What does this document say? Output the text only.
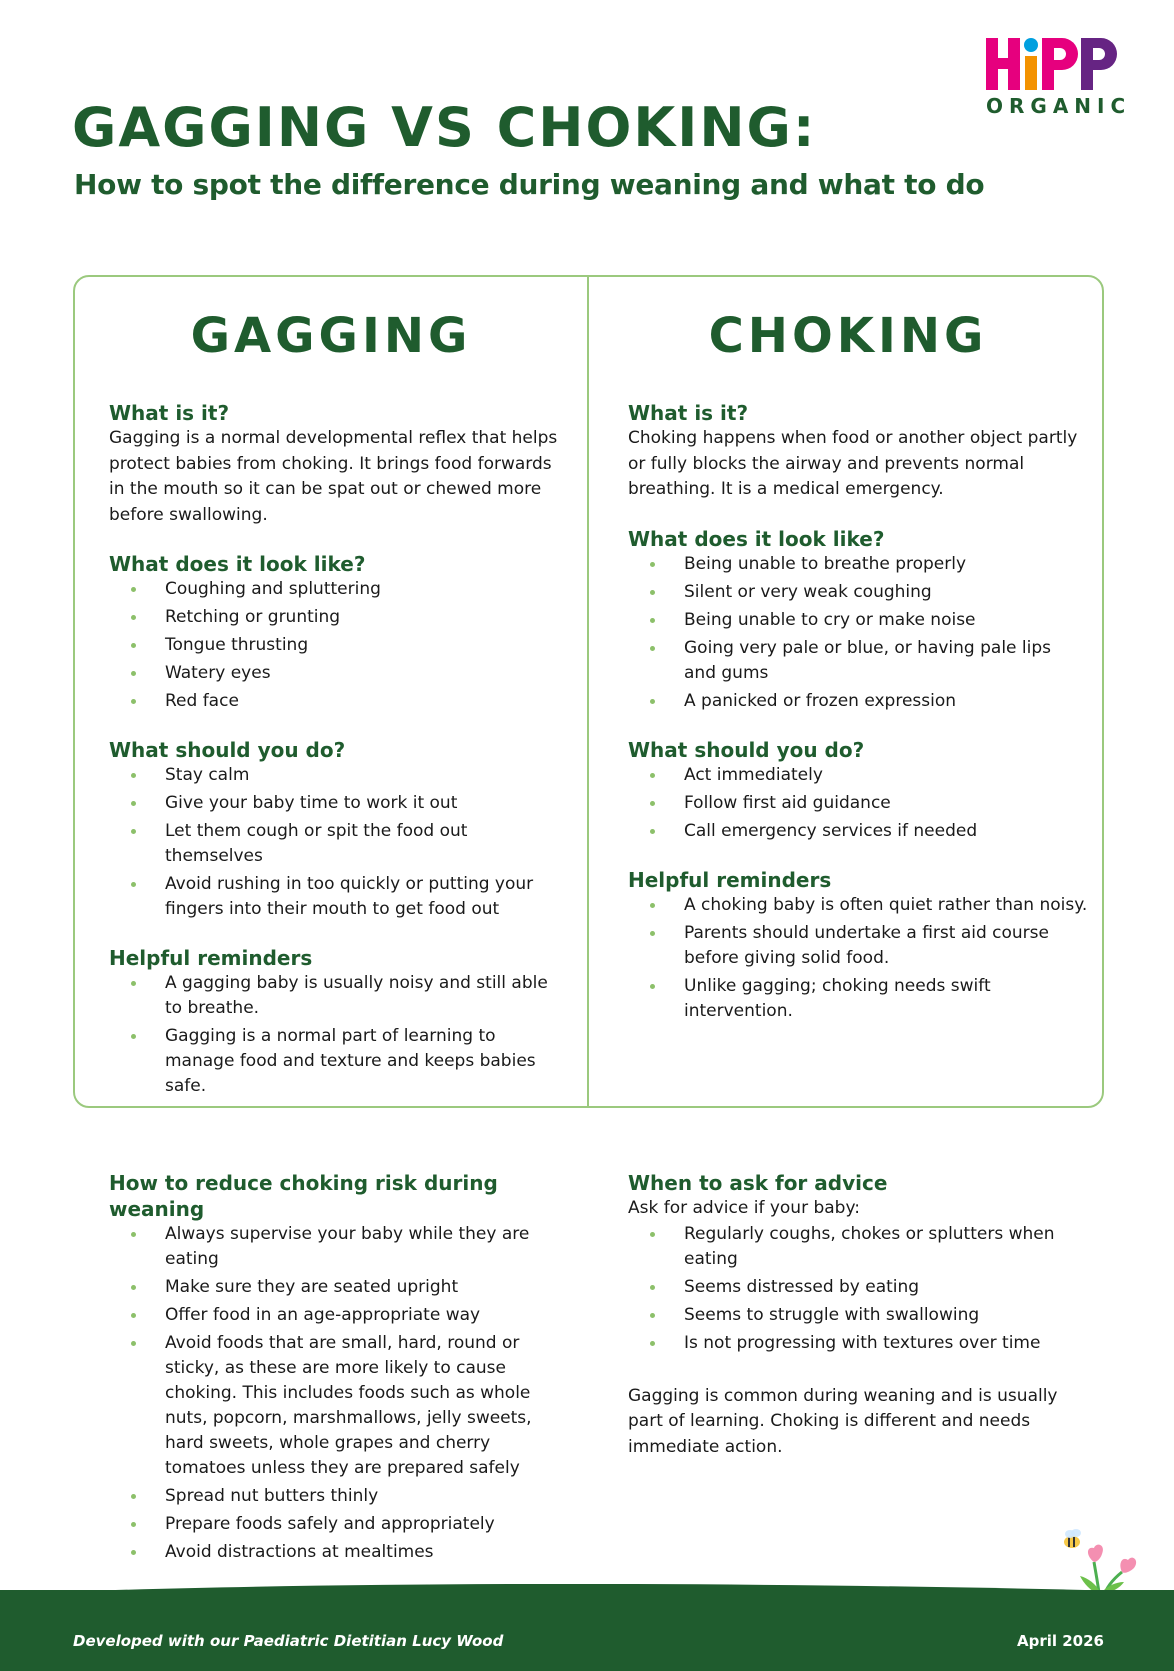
ORGANIC
GAGGING VS CHOKING:
How to spot the difference during weaning and what to do
GAGGING	CHOKING
What is it?
Gagging is a normal developmental reflex that helps protect babies from choking. It brings food forwards in the mouth so it can be spat out or chewed more before swallowing.
What does it look like?
Coughing and spluttering
Retching or grunting
Tongue thrusting
Watery eyes
Red face
What should you do?
Stay calm
Give your baby time to work it out
Let them cough or spit the food out themselves
Avoid rushing in too quickly or putting your fingers into their mouth to get food out
Helpful reminders
A gagging baby is usually noisy and still able to breathe.
Gagging is a normal part of learning to manage food and texture and keeps babies safe.
What is it?
Choking happens when food or another object partly or fully blocks the airway and prevents normal breathing. It is a medical emergency.
What does it look like?
Being unable to breathe properly
Silent or very weak coughing
Being unable to cry or make noise
Going very pale or blue, or having pale lips and gums
A panicked or frozen expression
What should you do?
Act immediately
Follow first aid guidance
Call emergency services if needed
Helpful reminders
A choking baby is often quiet rather than noisy.
Parents should undertake a first aid course before giving solid food.
Unlike gagging; choking needs swift intervention.
How to reduce choking risk during weaning
Always supervise your baby while they are eating
Make sure they are seated upright
Offer food in an age-appropriate way
Avoid foods that are small, hard, round or sticky, as these are more likely to cause choking. This includes foods such as whole nuts, popcorn, marshmallows, jelly sweets, hard sweets, whole grapes and cherry tomatoes unless they are prepared safely
Spread nut butters thinly
Prepare foods safely and appropriately
Avoid distractions at mealtimes
When to ask for advice
Ask for advice if your baby:
Regularly coughs, chokes or splutters when eating
Seems distressed by eating
Seems to struggle with swallowing
Is not progressing with textures over time
Gagging is common during weaning and is usually part of learning. Choking is different and needs immediate action.
Developed with our Paediatric Dietitian Lucy Wood	April 2026
